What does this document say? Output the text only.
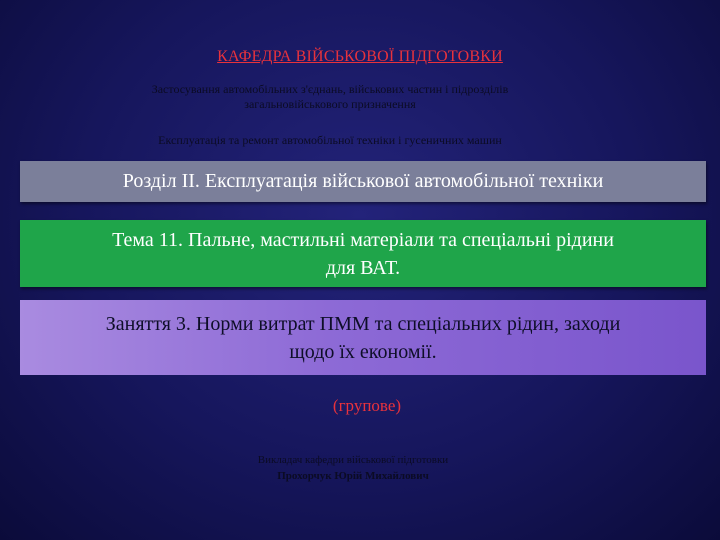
КАФЕДРА ВІЙСЬКОВОЇ ПІДГОТОВКИ
Застосування автомобільних з'єднань, військових частин і підрозділів
загальновійськового призначення
Експлуатація та ремонт автомобільної техніки і гусеничних машин
Розділ ІІ. Експлуатація військової автомобільної техніки
Тема 11. Пальне, мастильні матеріали та спеціальні рідини
для ВАТ.
Заняття 3. Норми витрат ПММ та спеціальних рідин, заходи
щодо їх економії.
(групове)
Викладач кафедри військової підготовки
Прохорчук Юрій Михайлович
